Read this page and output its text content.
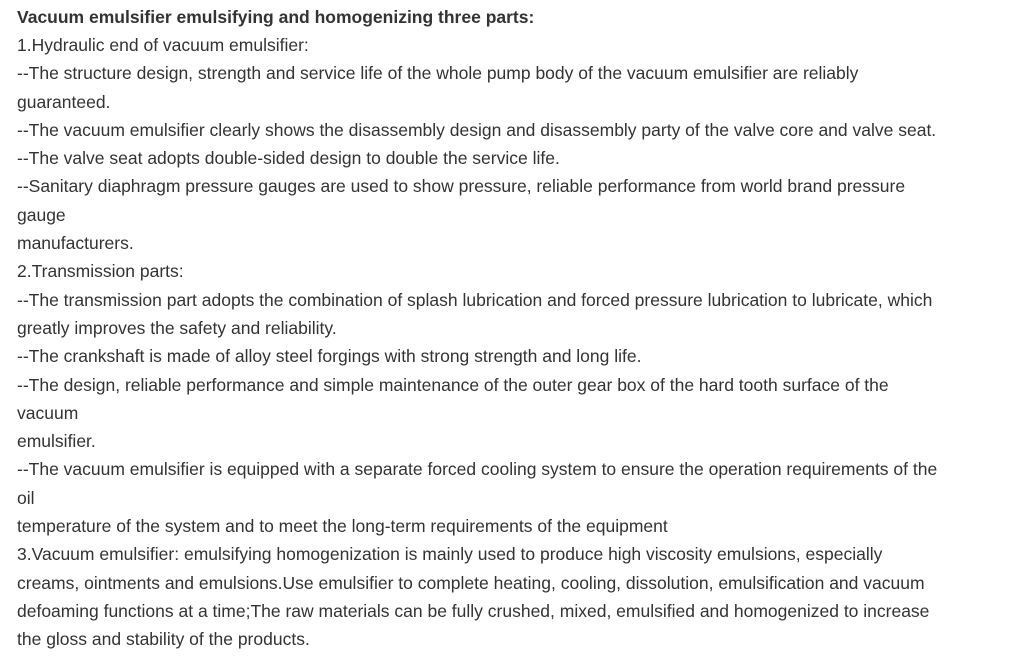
Vacuum emulsifier emulsifying and homogenizing three parts:
1.Hydraulic end of vacuum emulsifier:
--The structure design, strength and service life of the whole pump body of the vacuum emulsifier are reliably
guaranteed.
--The vacuum emulsifier clearly shows the disassembly design and disassembly party of the valve core and valve seat.
--The valve seat adopts double-sided design to double the service life.
--Sanitary diaphragm pressure gauges are used to show pressure, reliable performance from world brand pressure
gauge
manufacturers.
2.Transmission parts:
--The transmission part adopts the combination of splash lubrication and forced pressure lubrication to lubricate, which
greatly improves the safety and reliability.
--The crankshaft is made of alloy steel forgings with strong strength and long life.
--The design, reliable performance and simple maintenance of the outer gear box of the hard tooth surface of the
vacuum
emulsifier.
--The vacuum emulsifier is equipped with a separate forced cooling system to ensure the operation requirements of the
oil
temperature of the system and to meet the long-term requirements of the equipment
3.Vacuum emulsifier: emulsifying homogenization is mainly used to produce high viscosity emulsions, especially
creams, ointments and emulsions.Use emulsifier to complete heating, cooling, dissolution, emulsification and vacuum
defoaming functions at a time;The raw materials can be fully crushed, mixed, emulsified and homogenized to increase
the gloss and stability of the products.
